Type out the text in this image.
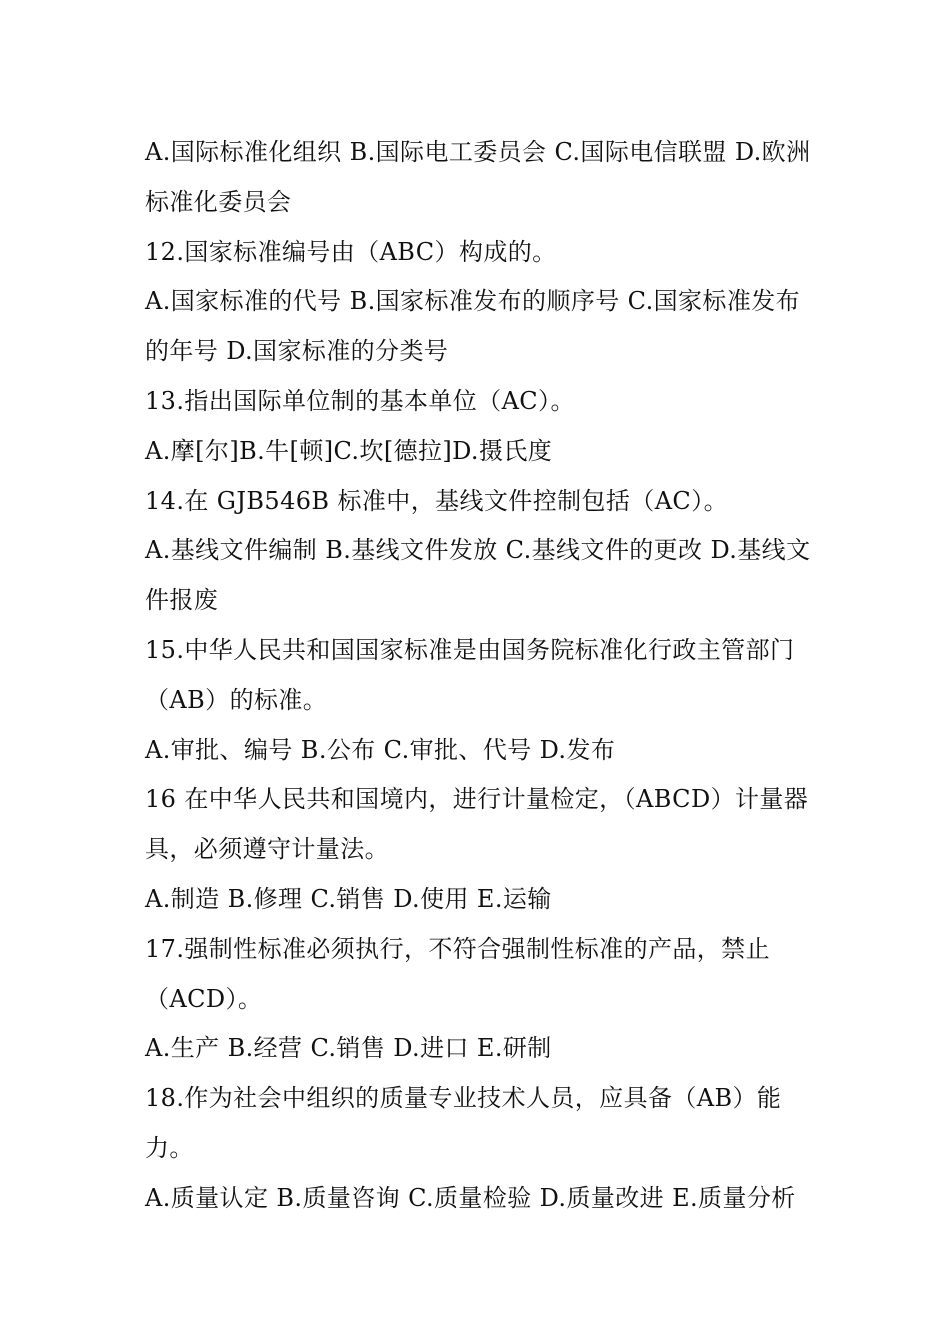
A.国际标准化组织 B.国际电工委员会 C.国际电信联盟 D.欧洲
标准化委员会
12.国家标准编号由（ABC）构成的。
A.国家标准的代号 B.国家标准发布的顺序号 C.国家标准发布
的年号 D.国家标准的分类号
13.指出国际单位制的基本单位（AC）。
A.摩[尔]B.牛[顿]C.坎[德拉]D.摄氏度
14.在 GJB546B 标准中，基线文件控制包括（AC）。
A.基线文件编制 B.基线文件发放 C.基线文件的更改 D.基线文
件报废
15.中华人民共和国国家标准是由国务院标准化行政主管部门
（AB）的标准。
A.审批、编号 B.公布 C.审批、代号 D.发布
16 在中华人民共和国境内，进行计量检定，（ABCD）计量器
具，必须遵守计量法。
A.制造 B.修理 C.销售 D.使用 E.运输
17.强制性标准必须执行，不符合强制性标准的产品，禁止
（ACD）。
A.生产 B.经营 C.销售 D.进口 E.研制
18.作为社会中组织的质量专业技术人员，应具备（AB）能
力。
A.质量认定 B.质量咨询 C.质量检验 D.质量改进 E.质量分析
